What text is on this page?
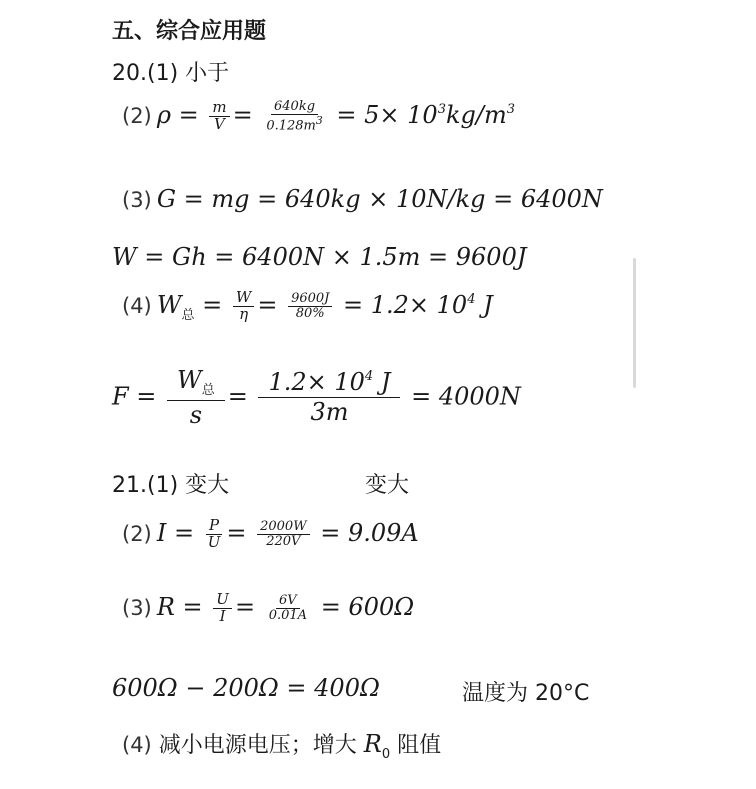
五、综合应用题
20.(1) 小于
(2) $\rho = \frac{m}{V} = \frac{640kg}{0.128m^3} = 5\times 10^3kg/m^3$
(3) G = mg = 640kg × 10N/kg = 6400N
W = Gh = 6400N × 1.5m = 9600J
(4) $W_总 = \frac{W}{\eta} = \frac{9600J}{80\%} = 1.2\times 10^4$ J
$F = \frac{W_总}{s} = \frac{1.2\times 10^4 J}{3m} = 4000N$
21.(1) 变大	变大
(2) $I = \frac{P}{U} = \frac{2000W}{220V} = 9.09A$
(3) $R = \frac{U}{I} = \frac{6V}{0.01A} = 600\Omega$
600Ω − 200Ω = 400Ω	温度为 20°C
(4) 减小电源电压；增大 $R_0$ 阻值
